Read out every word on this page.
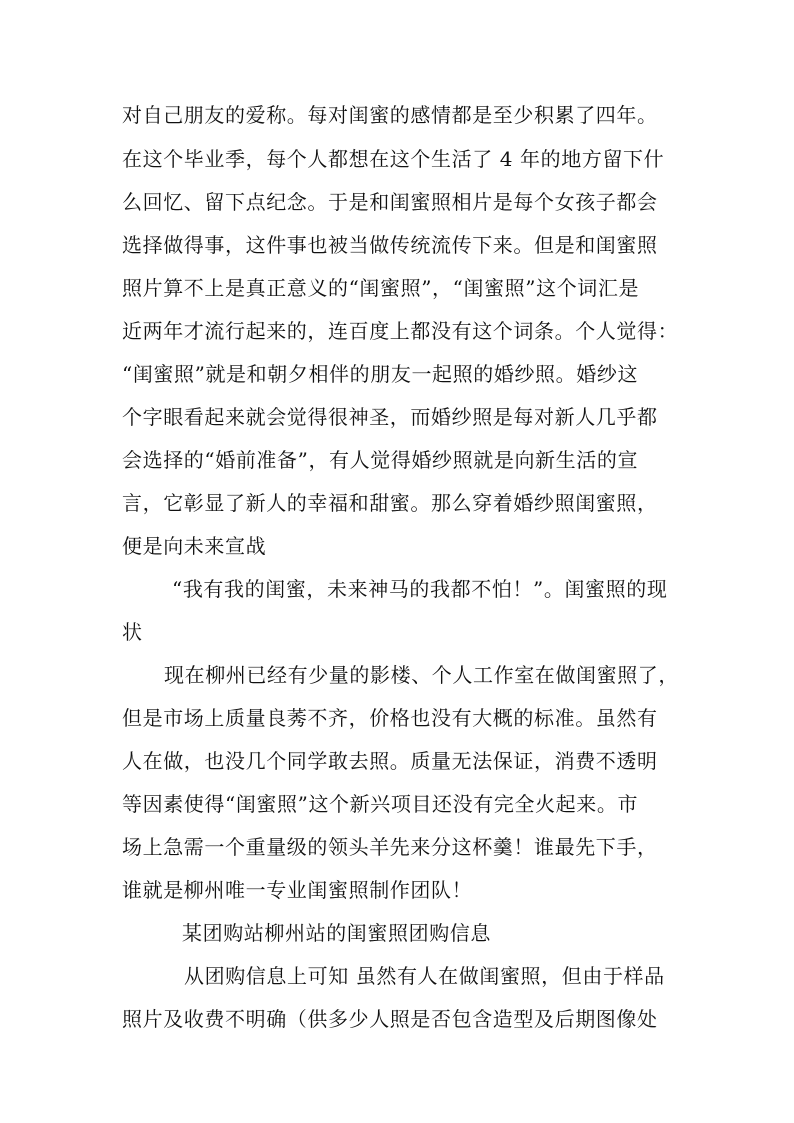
对自己朋友的爱称。每对闺蜜的感情都是至少积累了四年。
在这个毕业季，每个人都想在这个生活了 4 年的地方留下什
么回忆、留下点纪念。于是和闺蜜照相片是每个女孩子都会
选择做得事，这件事也被当做传统流传下来。但是和闺蜜照
照片算不上是真正意义的“闺蜜照”，“闺蜜照”这个词汇是
近两年才流行起来的，连百度上都没有这个词条。个人觉得：
“闺蜜照”就是和朝夕相伴的朋友一起照的婚纱照。婚纱这
个字眼看起来就会觉得很神圣，而婚纱照是每对新人几乎都
会选择的“婚前准备”，有人觉得婚纱照就是向新生活的宣
言，它彰显了新人的幸福和甜蜜。那么穿着婚纱照闺蜜照，
便是向未来宣战
“我有我的闺蜜，未来神马的我都不怕！”。闺蜜照的现
状
现在柳州已经有少量的影楼、个人工作室在做闺蜜照了，
但是市场上质量良莠不齐，价格也没有大概的标准。虽然有
人在做，也没几个同学敢去照。质量无法保证，消费不透明
等因素使得“闺蜜照”这个新兴项目还没有完全火起来。市
场上急需一个重量级的领头羊先来分这杯羹！谁最先下手，
谁就是柳州唯一专业闺蜜照制作团队！
某团购站柳州站的闺蜜照团购信息
从团购信息上可知 虽然有人在做闺蜜照，但由于样品
照片及收费不明确（供多少人照是否包含造型及后期图像处
